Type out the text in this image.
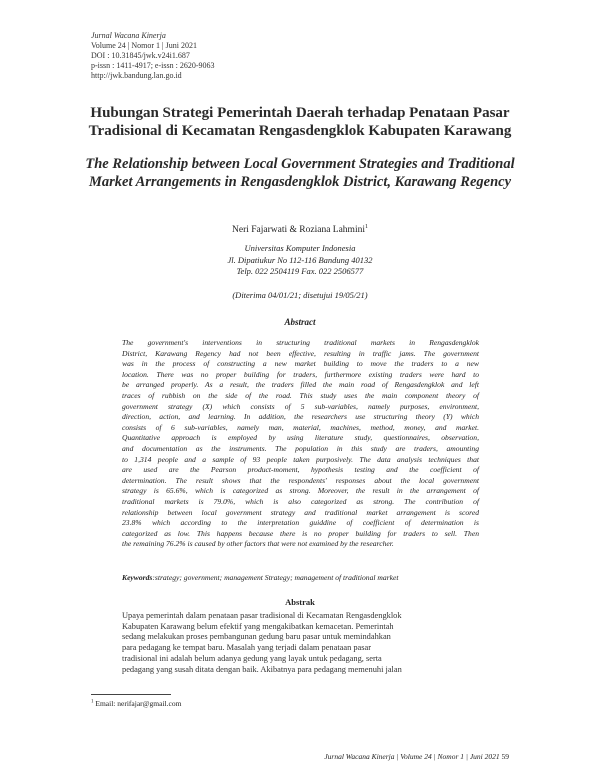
Jurnal Wacana Kinerja
Volume 24 | Nomor 1 | Juni 2021
DOI : 10.31845/jwk.v24i1.687
p-issn : 1411-4917; e-issn : 2620-9063
http://jwk.bandung.lan.go.id
Hubungan Strategi Pemerintah Daerah terhadap Penataan Pasar
Tradisional di Kecamatan Rengasdengklok Kabupaten Karawang
The Relationship between Local Government Strategies and Traditional
Market Arrangements in Rengasdengklok District, Karawang Regency
Neri Fajarwati & Roziana Lahmini$^1$
Universitas Komputer Indonesia
Jl. Dipatiukur No 112-116 Bandung 40132
Telp. 022 2504119 Fax. 022 2506577
(Diterima 04/01/21; disetujui 19/05/21)
Abstract
The government's interventions in structuring traditional markets in Rengasdengklok
District, Karawang Regency had not been effective, resulting in traffic jams. The government
was in the process of constructing a new market building to move the traders to a new
location. There was no proper building for traders, furthermore existing traders were hard to
be arranged properly. As a result, the traders filled the main road of Rengasdengklok and left
traces of rubbish on the side of the road. This study uses the main component theory of
government strategy (X) which consists of 5 sub-variables, namely purposes, environment,
direction, action, and learning. In addition, the researchers use structuring theory (Y) which
consists of 6 sub-variables, namely man, material, machines, method, money, and market.
Quantitative approach is employed by using literature study, questionnaires, observation,
and documentation as the instruments. The population in this study are traders, amounting
to 1,314 people and a sample of 93 people taken purposively. The data analysis techniques that
are used are the Pearson product-moment, hypothesis testing and the coefficient of
determination. The result shows that the respondents' responses about the local government
strategy is 65.6%, which is categorized as strong. Moreover, the result in the arrangement of
traditional markets is 79.0%, which is also categorized as strong. The contribution of
relationship between local government strategy and traditional market arrangement is scored
23.8% which according to the interpretation guiddine of coefficient of determination is
categorized as low. This happens because there is no proper building for traders to sell. Then
the remaining 76.2% is caused by other factors that were not examined by the researcher.
Keywords:strategy; government; management Strategy; management of traditional market
Abstrak
Upaya pemerintah dalam penataan pasar tradisional di Kecamatan Rengasdengklok
Kabupaten Karawang belum efektif yang mengakibatkan kemacetan. Pemerintah
sedang melakukan proses pembangunan gedung baru pasar untuk memindahkan
para pedagang ke tempat baru. Masalah yang terjadi dalam penataan pasar
tradisional ini adalah belum adanya gedung yang layak untuk pedagang, serta
pedagang yang susah ditata dengan baik. Akibatnya para pedagang memenuhi jalan
$^1$ Email: nerifajar@gmail.com
Jurnal Wacana Kinerja | Volume 24 | Nomor 1 | Juni 2021 59
